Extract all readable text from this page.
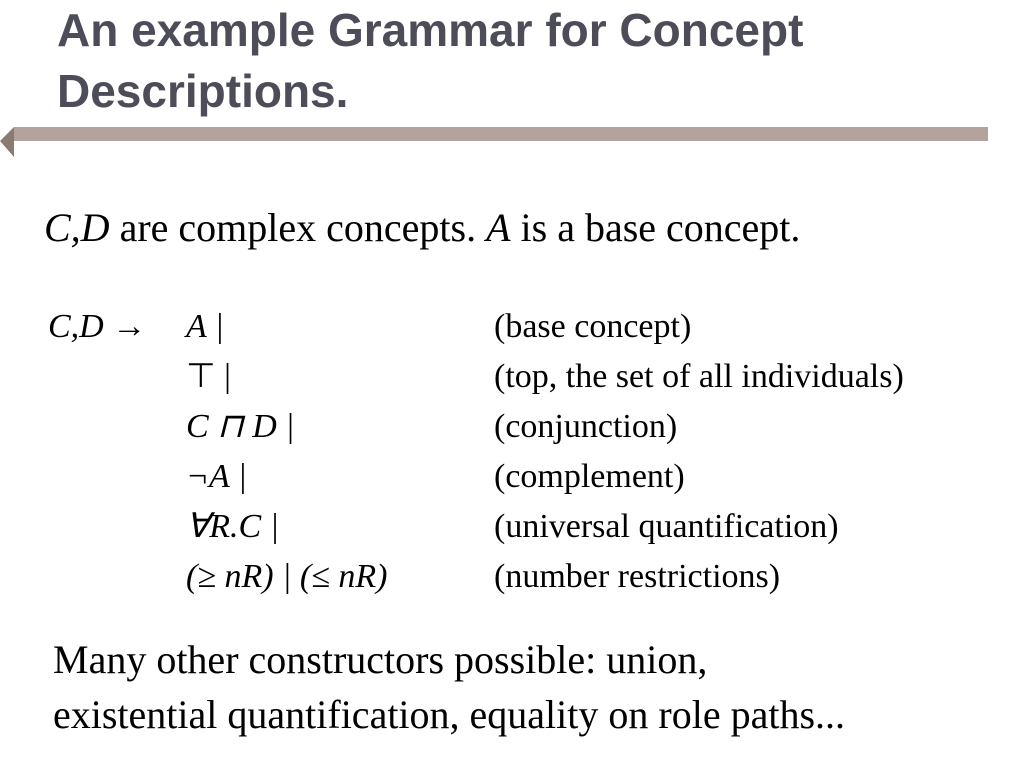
An example Grammar for Concept Descriptions.
C,D are complex concepts. A is a base concept.
C,D → A |	(base concept)
⊤ |	(top, the set of all individuals)
C ⊓ D |	(conjunction)
¬A |	(complement)
∀R.C |	(universal quantification)
(≥ nR) | (≤ nR)	(number restrictions)
Many other constructors possible: union, existential quantification, equality on role paths...
